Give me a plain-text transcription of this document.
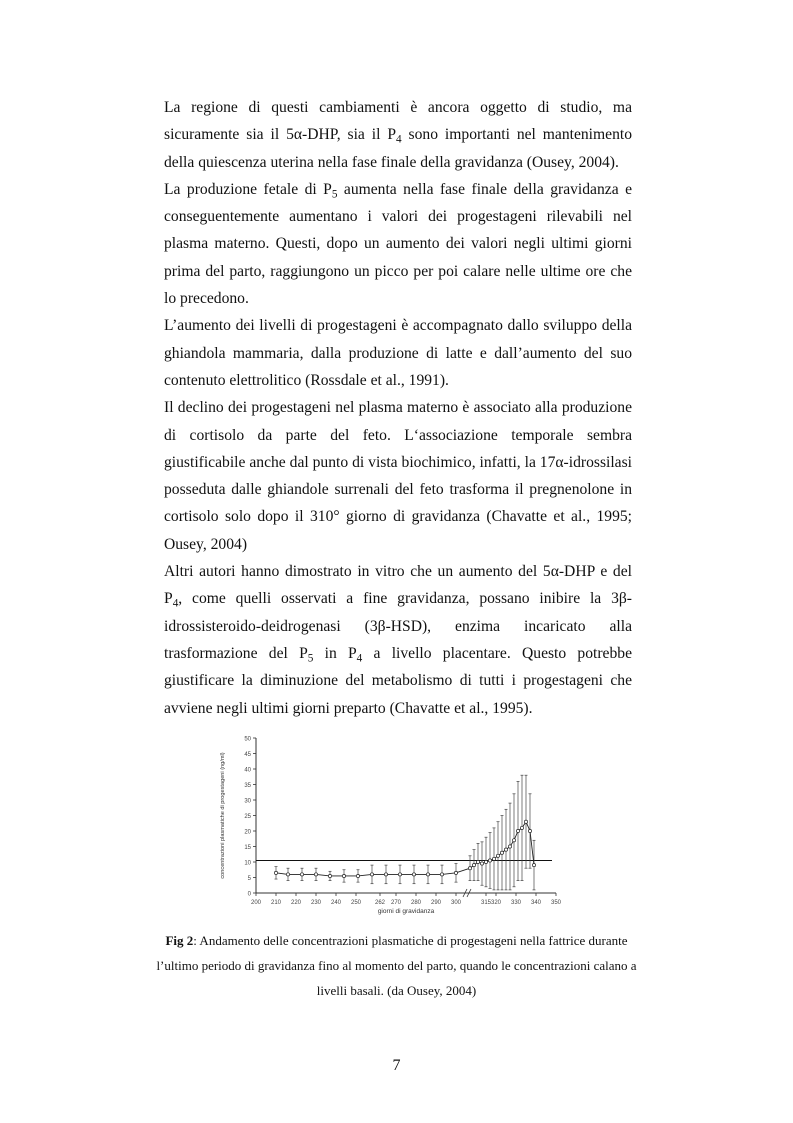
La regione di questi cambiamenti è ancora oggetto di studio, ma sicuramente sia il 5α-DHP, sia il $P_4$ sono importanti nel mantenimento della quiescenza uterina nella fase finale della gravidanza (Ousey, 2004).

La produzione fetale di $P_5$ aumenta nella fase finale della gravidanza e conseguentemente aumentano i valori dei progestageni rilevabili nel plasma materno. Questi, dopo un aumento dei valori negli ultimi giorni prima del parto, raggiungono un picco per poi calare nelle ultime ore che lo precedono.

L’aumento dei livelli di progestageni è accompagnato dallo sviluppo della ghiandola mammaria, dalla produzione di latte e dall’aumento del suo contenuto elettrolitico (Rossdale et al., 1991).

Il declino dei progestageni nel plasma materno è associato alla produzione di cortisolo da parte del feto. L‘associazione temporale sembra giustificabile anche dal punto di vista biochimico, infatti, la 17α-idrossilasi posseduta dalle ghiandole surrenali del feto trasforma il pregnenolone in cortisolo solo dopo il 310° giorno di gravidanza (Chavatte et al., 1995; Ousey, 2004)

Altri autori hanno dimostrato in vitro che un aumento del 5α-DHP e del $P_4$, come quelli osservati a fine gravidanza, possano inibire la 3β-idrossisteroido-deidrogenasi (3β-HSD), enzima incaricato alla trasformazione del $P_5$ in $P_4$ a livello placentare. Questo potrebbe giustificare la diminuzione del metabolismo di tutti i progestageni che avviene negli ultimi giorni preparto (Chavatte et al., 1995).

0
5
10
15
20
25
30
35
40
45
50
200 210 220 230 240 250 262 270 280 290 300	315 320 330 340 350
giorni di gravidanza
concentrazioni plasmatiche di progestageni (ng/ml)
Fig 2: Andamento delle concentrazioni plasmatiche di progestageni nella fattrice durante l’ultimo periodo di gravidanza fino al momento del parto, quando le concentrazioni calano a livelli basali. (da Ousey, 2004)
7
